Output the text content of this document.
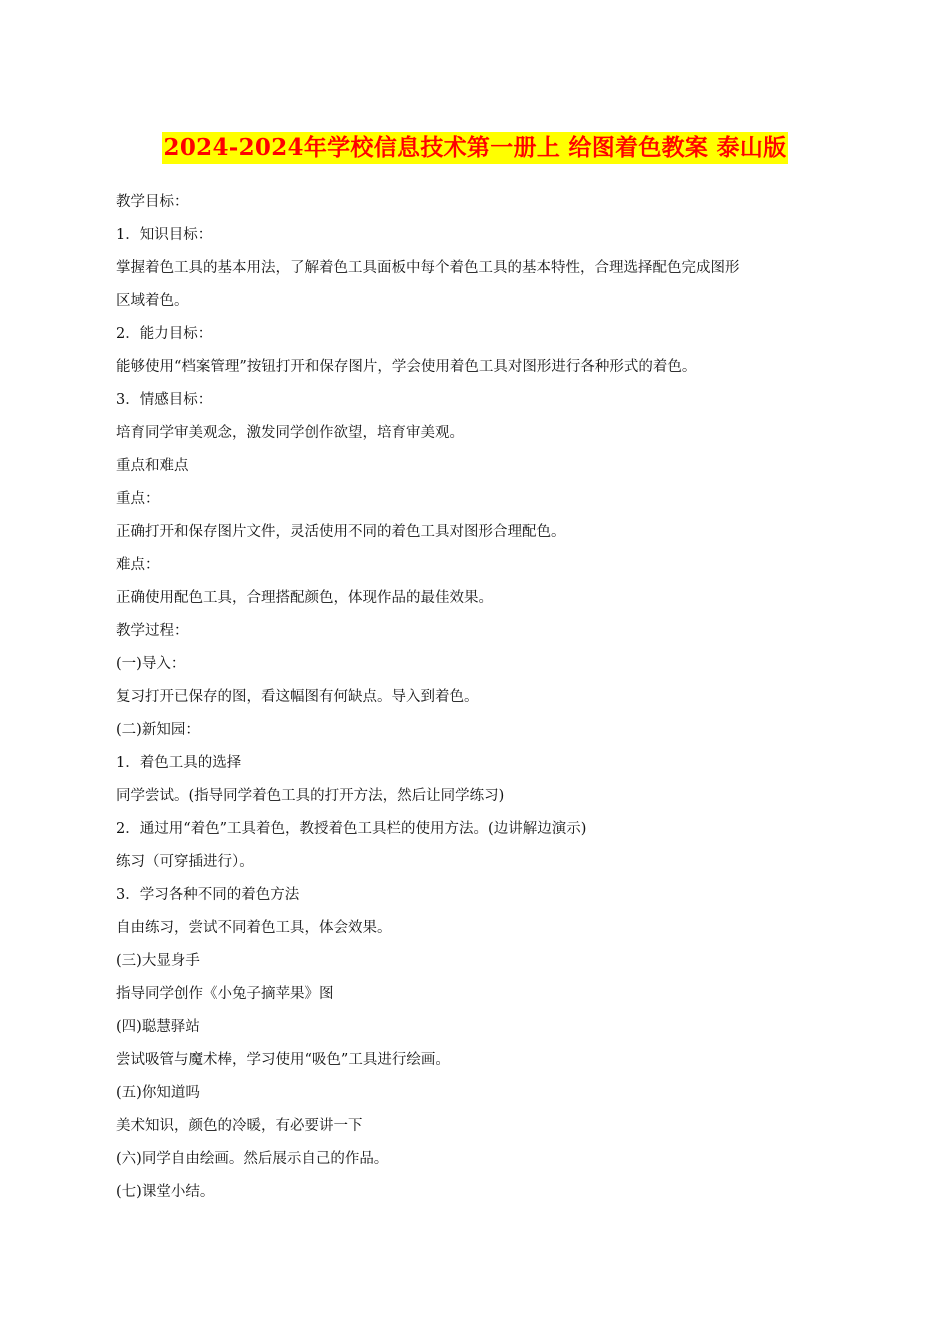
2024-2024年学校信息技术第一册上 给图着色教案 泰山版
教学目标：
1．知识目标：
掌握着色工具的基本用法，了解着色工具面板中每个着色工具的基本特性，合理选择配色完成图形
区域着色。
2．能力目标：
能够使用“档案管理”按钮打开和保存图片，学会使用着色工具对图形进行各种形式的着色。
3．情感目标：
培育同学审美观念，激发同学创作欲望，培育审美观。
重点和难点
重点：
正确打开和保存图片文件，灵活使用不同的着色工具对图形合理配色。
难点：
正确使用配色工具，合理搭配颜色，体现作品的最佳效果。
教学过程：
(一)导入：
复习打开已保存的图，看这幅图有何缺点。导入到着色。
(二)新知园：
1．着色工具的选择
同学尝试。(指导同学着色工具的打开方法，然后让同学练习)
2．通过用“着色”工具着色，教授着色工具栏的使用方法。(边讲解边演示)
练习（可穿插进行）。
3．学习各种不同的着色方法
自由练习，尝试不同着色工具，体会效果。
(三)大显身手
指导同学创作《小兔子摘苹果》图
(四)聪慧驿站
尝试吸管与魔术棒，学习使用“吸色”工具进行绘画。
(五)你知道吗
美术知识，颜色的冷暖，有必要讲一下
(六)同学自由绘画。然后展示自己的作品。
(七)课堂小结。
